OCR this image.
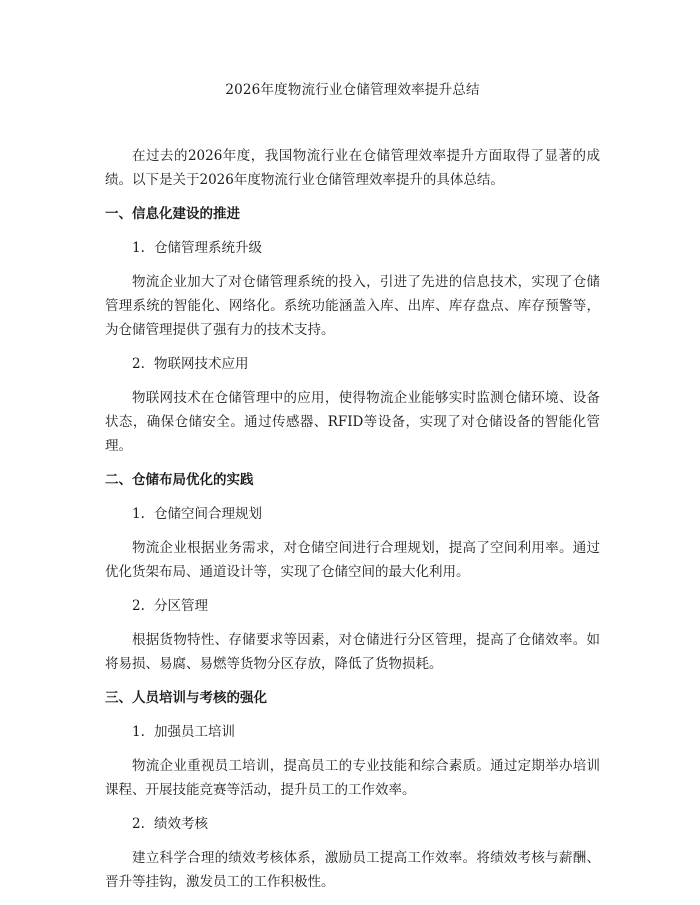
2026年度物流行业仓储管理效率提升总结

在过去的2026年度，我国物流行业在仓储管理效率提升方面取得了显著的成绩。以下是关于2026年度物流行业仓储管理效率提升的具体总结。

一、信息化建设的推进
1. 仓储管理系统升级

物流企业加大了对仓储管理系统的投入，引进了先进的信息技术，实现了仓储管理系统的智能化、网络化。系统功能涵盖入库、出库、库存盘点、库存预警等，为仓储管理提供了强有力的技术支持。

2. 物联网技术应用

物联网技术在仓储管理中的应用，使得物流企业能够实时监测仓储环境、设备状态，确保仓储安全。通过传感器、RFID等设备，实现了对仓储设备的智能化管理。

二、仓储布局优化的实践
1. 仓储空间合理规划

物流企业根据业务需求，对仓储空间进行合理规划，提高了空间利用率。通过优化货架布局、通道设计等，实现了仓储空间的最大化利用。

2. 分区管理

根据货物特性、存储要求等因素，对仓储进行分区管理，提高了仓储效率。如将易损、易腐、易燃等货物分区存放，降低了货物损耗。

三、人员培训与考核的强化
1. 加强员工培训

物流企业重视员工培训，提高员工的专业技能和综合素质。通过定期举办培训课程、开展技能竞赛等活动，提升员工的工作效率。

2. 绩效考核

建立科学合理的绩效考核体系，激励员工提高工作效率。将绩效考核与薪酬、晋升等挂钩，激发员工的工作积极性。
